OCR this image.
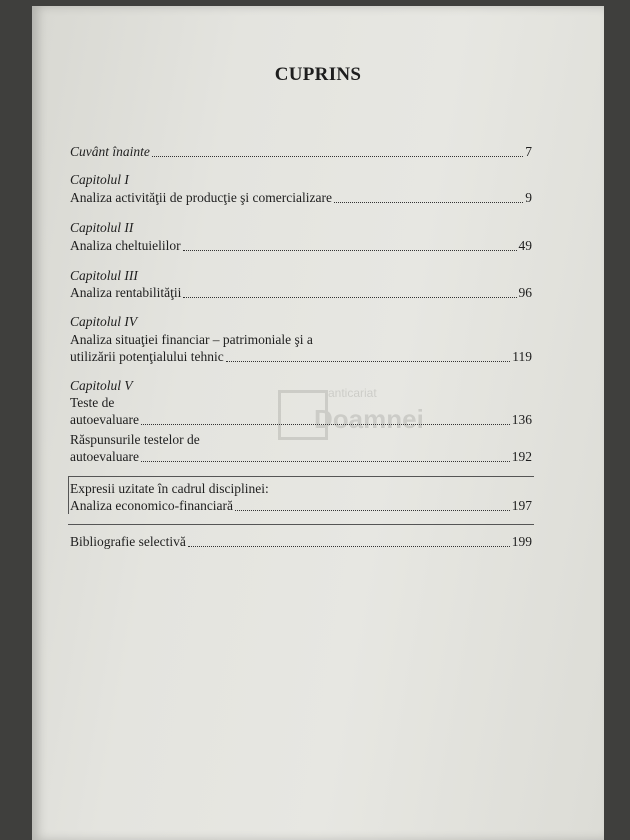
CUPRINS
Cuvânt înainte	7
Capitolul I
Analiza activităţii de producţie şi comercializare	9
Capitolul II
Analiza cheltuielilor	49
Capitolul III
Analiza rentabilităţii	96
Capitolul IV
Analiza situaţiei financiar – patrimoniale şi a
utilizării potenţialului tehnic	119
Capitolul V
Teste de
autoevaluare	136
Răspunsurile testelor de
autoevaluare	192
Expresii uzitate în cadrul disciplinei:
Analiza economico-financiară	197
Bibliografie selectivă	199
anticariat
Doamnei
